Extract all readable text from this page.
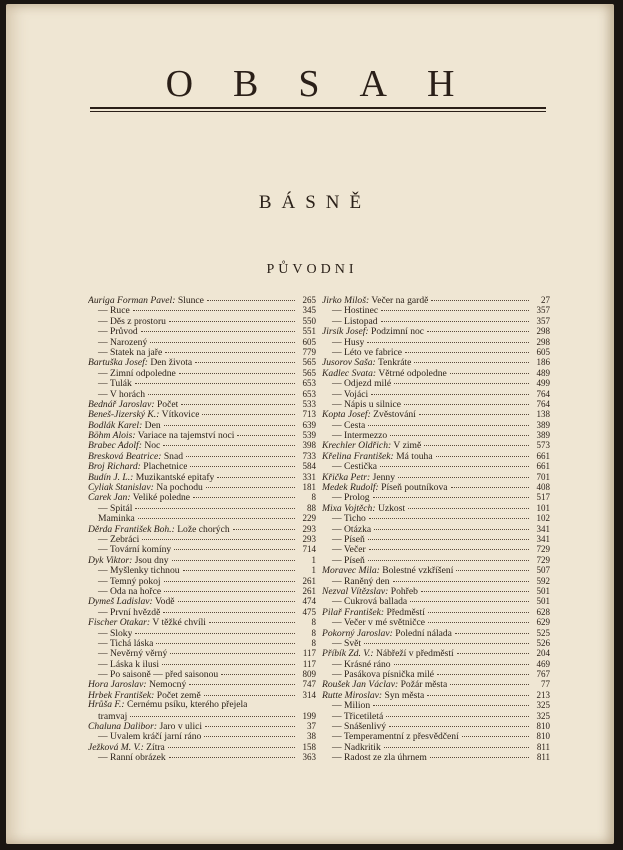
OBSAH
BÁSNĚ
PŮVODNI
Auriga Forman Pavel: Slunce	265
— Ruce	345
— Děs z prostoru	550
— Průvod	551
— Narozený	605
— Statek na jaře	779
Bartuška Josef: Den života	565
— Zimní odpoledne	565
— Tulák	653
— V horách	653
Bednář Jaroslav: Počet	533
Beneš-Jizerský K.: Vítkovice	713
Bodlák Karel: Den	639
Böhm Alois: Variace na tajemství noci	539
Brabec Adolf: Noc	398
Bresková Beatrice: Snad	733
Broj Richard: Plachetnice	584
Budín J. L.: Muzikantské epitafy	331
Cyliak Stanislav: Na pochodu	181
Čarek Jan: Veliké poledne	8
— Spitál	88
Maminka	229
Děrda František Boh.: Lože chorých	293
— Žebráci	293
— Tovární komíny	714
Dyk Viktor: Jsou dny	1
— Myšlenky tichnou	1
— Temný pokoj	261
— Óda na hořce	261
Dymeš Ladislav: Vodě	474
— První hvězdě	475
Fischer Otakar: V těžké chvíli	8
— Sloky	8
— Tichá láska	8
— Nevěrný věrný	117
— Láska k ilusi	117
— Po saisoně — před saisonou	809
Hora Jaroslav: Nemocný	747
Hrbek František: Počet země	314
Hrůša F.: Černému psíku, kterého přejela
tramvaj	199
Chaluna Dalibor: Jaro v ulici	37
— Úvalem kráčí jarní ráno	38
Ježková M. V.: Zítra	158
— Ranní obrázek	363
Jirko Miloš: Večer na gardě	27
— Hostinec	357
— Listopad	357
Jirsík Josef: Podzimní noc	298
— Husy	298
— Léto ve fabrice	605
Jusorov Saša: Tenkráte	186
Kadlec Svata: Větrné odpoledne	489
— Odjezd milé	499
— Vojáci	764
— Nápis u silnice	764
Kopta Josef: Zvěstování	138
— Cesta	389
— Intermezzo	389
Krechler Oldřich: V zimě	573
Křelina František: Má touha	661
— Cestička	661
Křička Petr: Jenny	701
Medek Rudolf: Píseň poutníkova	408
— Prolog	517
Mixa Vojtěch: Úzkost	101
— Ticho	102
— Otázka	341
— Píseň	341
— Večer	729
— Píseň	729
Moravec Mila: Bolestné vzkříšení	507
— Raněný den	592
Nezval Vítězslav: Pohřeb	501
— Cukrová ballada	501
Pilař František: Předměstí	628
— Večer v mé světničce	629
Pokorný Jaroslav: Polední nálada	525
— Svět	526
Příbík Zd. V.: Nábřeží v předměstí	204
— Krásné ráno	469
— Pasákova písnička milé	767
Roušek Jan Václav: Požár města	77
Rutte Miroslav: Syn města	213
— Milion	325
— Třicetiletá	325
— Snášenlivý	810
— Temperamentní z přesvědčení	810
— Nadkritik	811
— Radost ze zla úhrnem	811
